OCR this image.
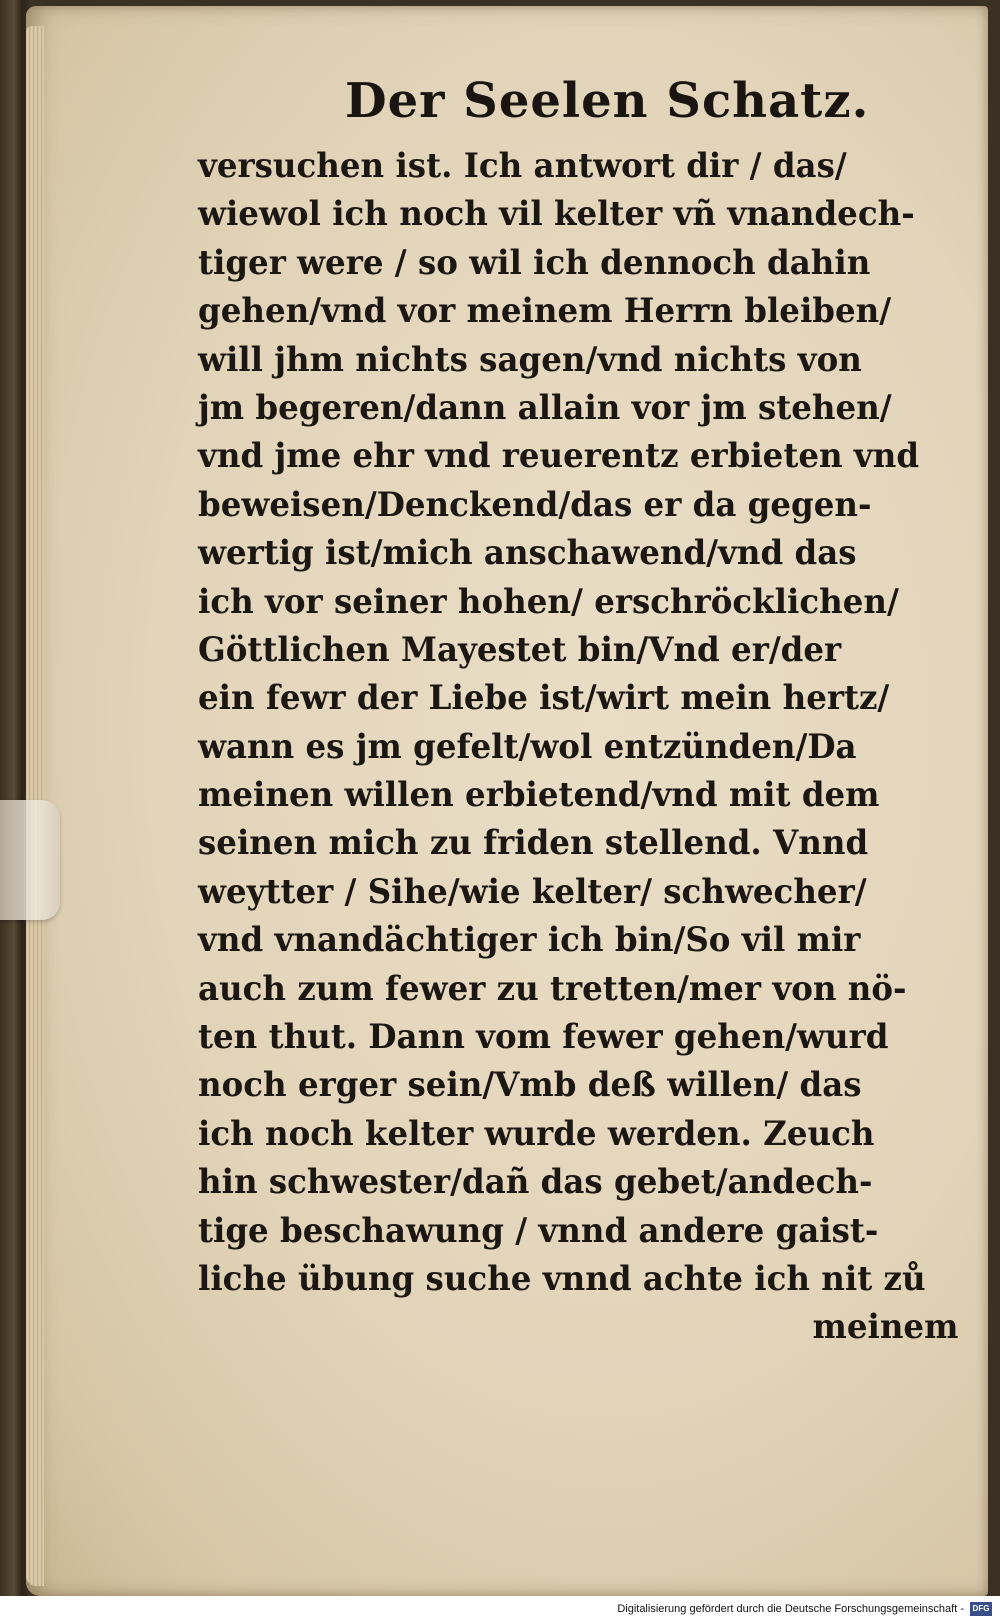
Der Seelen Schatz.
versuchen ist. Ich antwort dir / das/
wiewol ich noch vil kelter vñ vnandech-
tiger were / so wil ich dennoch dahin
gehen/vnd vor meinem Herrn bleiben/
will jhm nichts sagen/vnd nichts von
jm begeren/dann allain vor jm stehen/
vnd jme ehr vnd reuerentz erbieten vnd
beweisen/Denckend/das er da gegen-
wertig ist/mich anschawend/vnd das
ich vor seiner hohen/ erschröcklichen/
Göttlichen Mayestet bin/Vnd er/der
ein fewr der Liebe ist/wirt mein hertz/
wann es jm gefelt/wol entzünden/Da
meinen willen erbietend/vnd mit dem
seinen mich zu friden stellend. Vnnd
weytter / Sihe/wie kelter/ schwecher/
vnd vnandächtiger ich bin/So vil mir
auch zum fewer zu tretten/mer von nö-
ten thut. Dann vom fewer gehen/wurd
noch erger sein/Vmb deß willen/ das
ich noch kelter wurde werden. Zeuch
hin schwester/dañ das gebet/andech-
tige beschawung / vnnd andere gaist-
liche übung suche vnnd achte ich nit zů
meinem
Digitalisierung gefördert durch die Deutsche Forschungsgemeinschaft -	DFG
